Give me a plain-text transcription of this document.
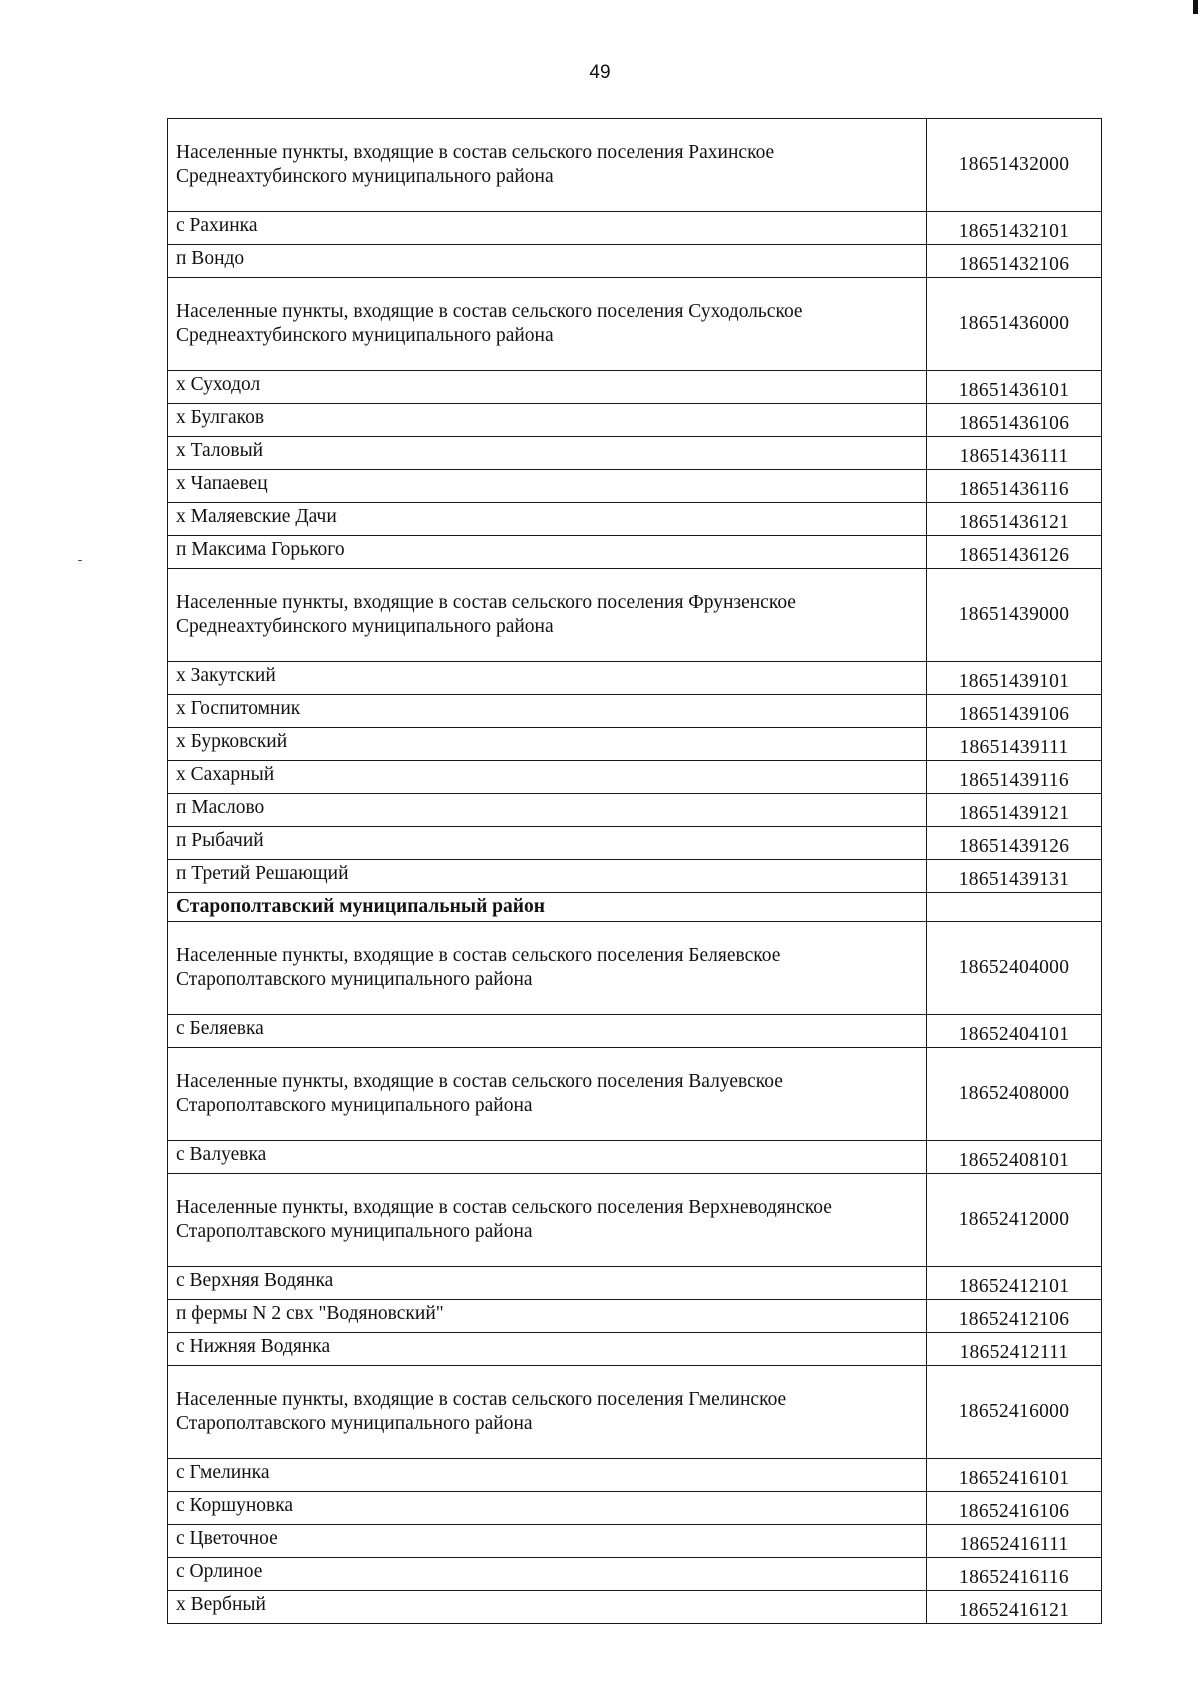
49
Населенные пункты, входящие в состав сельского поселения Рахинское Среднеахтубинского муниципального района	18651432000
с Рахинка	18651432101
п Вондо	18651432106
Населенные пункты, входящие в состав сельского поселения Суходольское Среднеахтубинского муниципального района	18651436000
х Суходол	18651436101
х Булгаков	18651436106
х Таловый	18651436111
х Чапаевец	18651436116
х Маляевские Дачи	18651436121
п Максима Горького	18651436126
Населенные пункты, входящие в состав сельского поселения Фрунзенское Среднеахтубинского муниципального района	18651439000
х Закутский	18651439101
х Госпитомник	18651439106
х Бурковский	18651439111
х Сахарный	18651439116
п Маслово	18651439121
п Рыбачий	18651439126
п Третий Решающий	18651439131
Старополтавский муниципальный район	
Населенные пункты, входящие в состав сельского поселения Беляевское Старополтавского муниципального района	18652404000
с Беляевка	18652404101
Населенные пункты, входящие в состав сельского поселения Валуевское Старополтавского муниципального района	18652408000
с Валуевка	18652408101
Населенные пункты, входящие в состав сельского поселения Верхневодянское Старополтавского муниципального района	18652412000
с Верхняя Водянка	18652412101
п фермы N 2 свх "Водяновский"	18652412106
с Нижняя Водянка	18652412111
Населенные пункты, входящие в состав сельского поселения Гмелинское Старополтавского муниципального района	18652416000
с Гмелинка	18652416101
с Коршуновка	18652416106
с Цветочное	18652416111
с Орлиное	18652416116
х Вербный	18652416121
